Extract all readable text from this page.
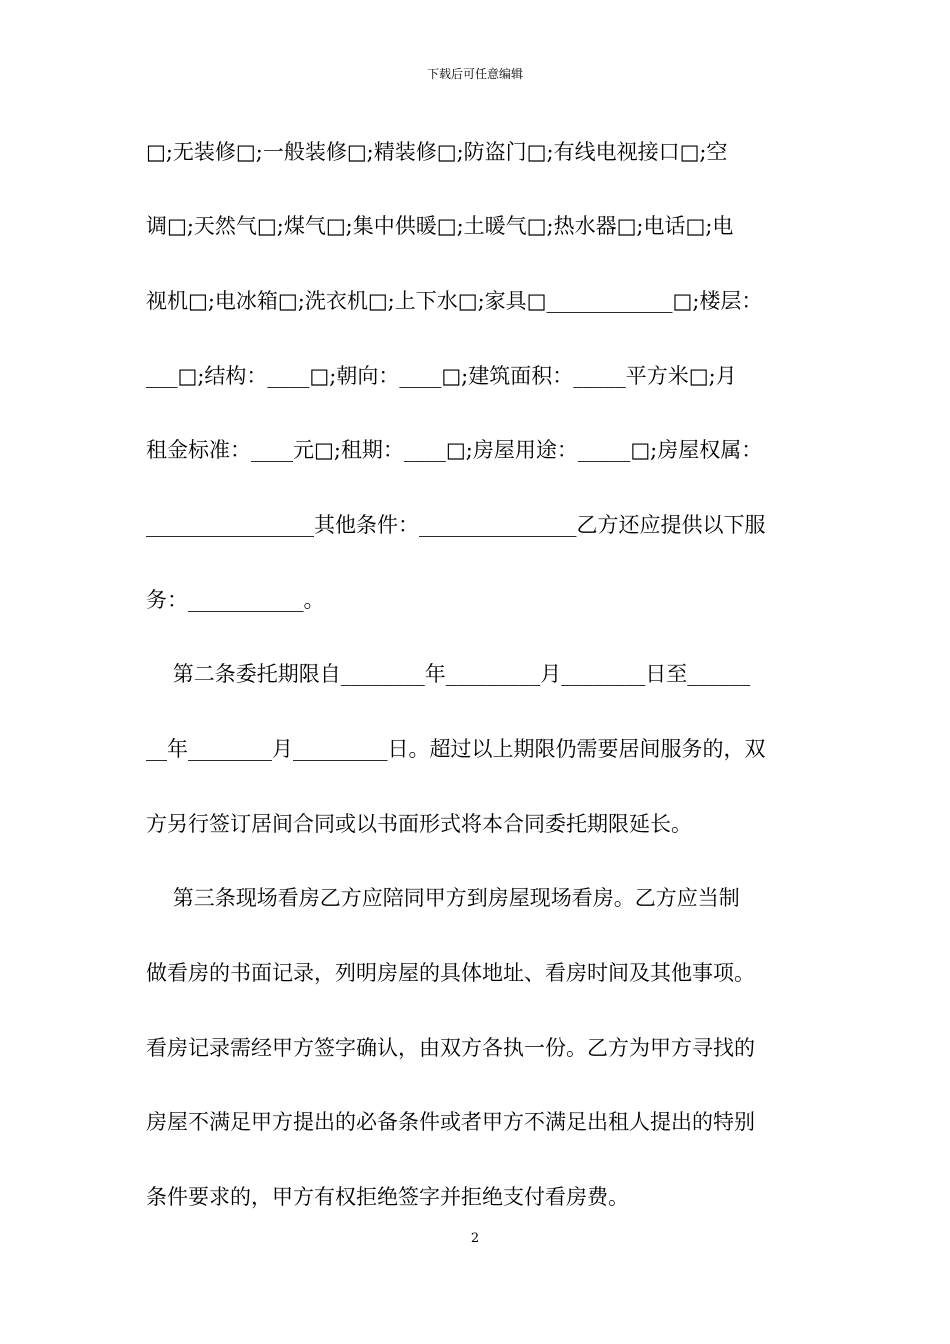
下载后可任意编辑
□;无装修□;一般装修□;精装修□;防盗门□;有线电视接口□;空
调□;天然气□;煤气□;集中供暖□;土暖气□;热水器□;电话□;电
视机□;电冰箱□;洗衣机□;上下水□;家具□____________□;楼层：
___□;结构：____□;朝向：____□;建筑面积：_____平方米□;月
租金标准：____元□;租期：____□;房屋用途：_____□;房屋权属：
________________其他条件：_______________乙方还应提供以下服
务：___________。
第二条委托期限自________年_________月________日至______
__年________月_________日。超过以上期限仍需要居间服务的，双
方另行签订居间合同或以书面形式将本合同委托期限延长。
第三条现场看房乙方应陪同甲方到房屋现场看房。乙方应当制
做看房的书面记录，列明房屋的具体地址、看房时间及其他事项。
看房记录需经甲方签字确认，由双方各执一份。乙方为甲方寻找的
房屋不满足甲方提出的必备条件或者甲方不满足出租人提出的特别
条件要求的，甲方有权拒绝签字并拒绝支付看房费。
2
